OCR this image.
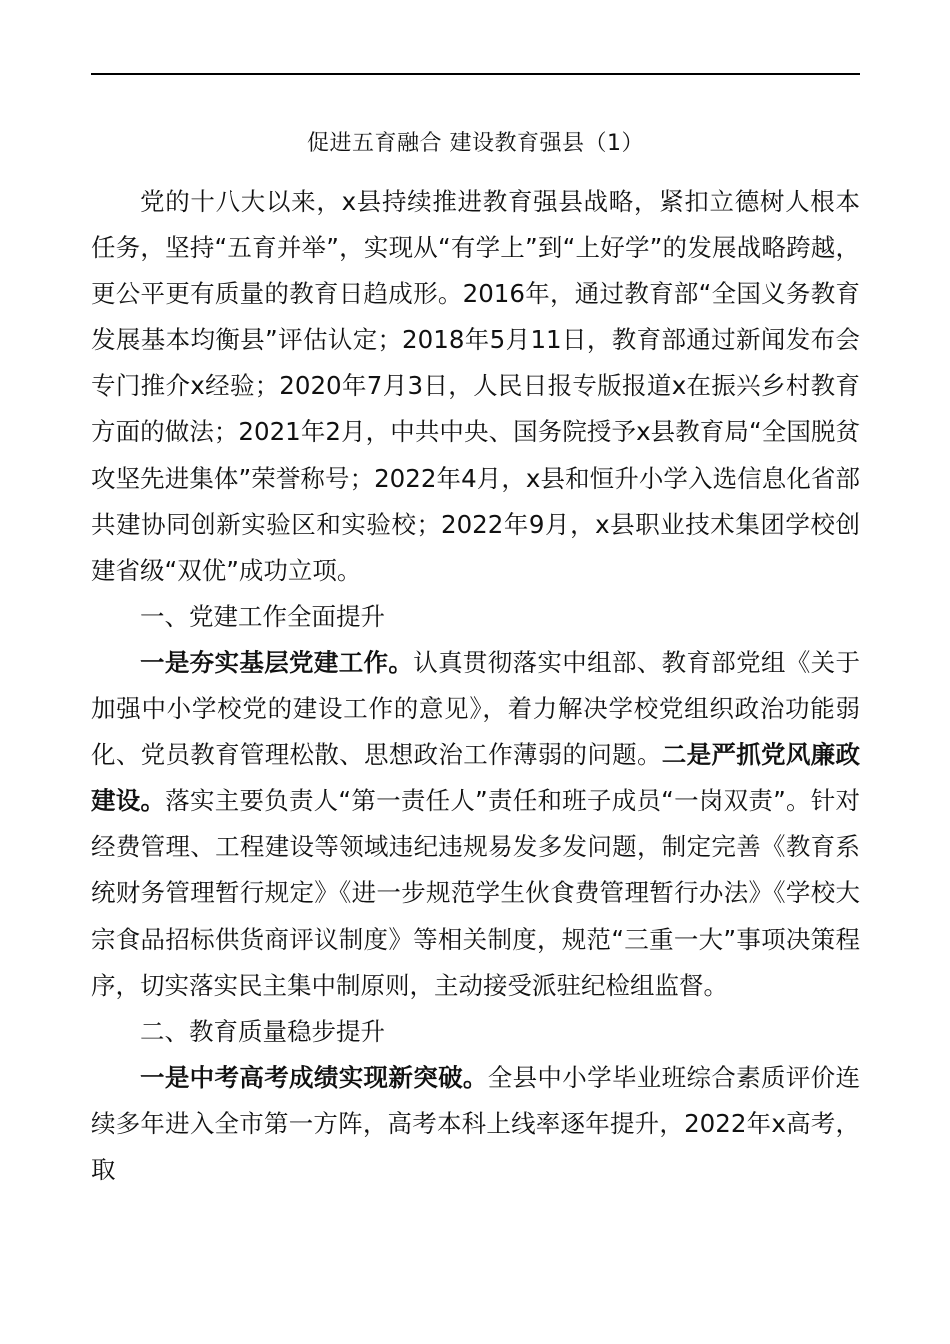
促进五育融合 建设教育强县（1）

党的十八大以来，x县持续推进教育强县战略，紧扣立德树人根本任务，坚持“五育并举”，实现从“有学上”到“上好学”的发展战略跨越，更公平更有质量的教育日趋成形。2016年，通过教育部“全国义务教育发展基本均衡县”评估认定；2018年5月11日，教育部通过新闻发布会专门推介x经验；2020年7月3日，人民日报专版报道x在振兴乡村教育方面的做法；2021年2月，中共中央、国务院授予x县教育局“全国脱贫攻坚先进集体”荣誉称号；2022年4月，x县和恒升小学入选信息化省部共建协同创新实验区和实验校；2022年9月，x县职业技术集团学校创建省级“双优”成功立项。

一、党建工作全面提升

一是夯实基层党建工作。认真贯彻落实中组部、教育部党组《关于加强中小学校党的建设工作的意见》，着力解决学校党组织政治功能弱化、党员教育管理松散、思想政治工作薄弱的问题。二是严抓党风廉政建设。落实主要负责人“第一责任人”责任和班子成员“一岗双责”。针对经费管理、工程建设等领域违纪违规易发多发问题，制定完善《教育系统财务管理暂行规定》《进一步规范学生伙食费管理暂行办法》《学校大宗食品招标供货商评议制度》等相关制度，规范“三重一大”事项决策程序，切实落实民主集中制原则，主动接受派驻纪检组监督。

二、教育质量稳步提升

一是中考高考成绩实现新突破。全县中小学毕业班综合素质评价连续多年进入全市第一方阵，高考本科上线率逐年提升，2022年x高考，取
